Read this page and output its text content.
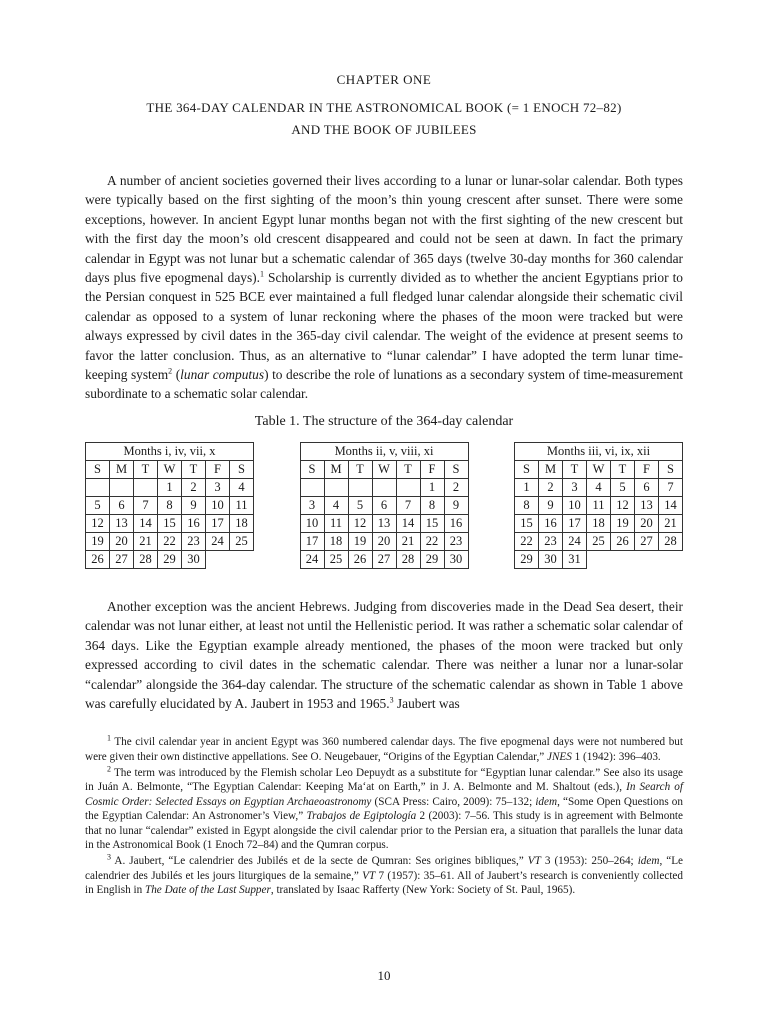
CHAPTER ONE

THE 364-DAY CALENDAR IN THE ASTRONOMICAL BOOK (= 1 ENOCH 72–82)
AND THE BOOK OF JUBILEES

A number of ancient societies governed their lives according to a lunar or lunar-solar calendar. Both types were typically based on the first sighting of the moon’s thin young crescent after sunset. There were some exceptions, however. In ancient Egypt lunar months began not with the first sighting of the new crescent but with the first day the moon’s old crescent disappeared and could not be seen at dawn. In fact the primary calendar in Egypt was not lunar but a schematic calendar of 365 days (twelve 30-day months for 360 calendar days plus five epogmenal days).$^1$ Scholarship is currently divided as to whether the ancient Egyptians prior to the Persian conquest in 525 BCE ever maintained a full fledged lunar calendar alongside their schematic civil calendar as opposed to a system of lunar reckoning where the phases of the moon were tracked but were always expressed by civil dates in the 365-day civil calendar. The weight of the evidence at present seems to favor the latter conclusion. Thus, as an alternative to “lunar calendar” I have adopted the term lunar time-keeping system$^2$ (lunar computus) to describe the role of lunations as a secondary system of time-measurement subordinate to a schematic solar calendar.

Table 1. The structure of the 364-day calendar

Months i, iv, vii, x						
S	M	T	W	T	F	S
			1	2	3	4
5	6	7	8	9	10	11
12	13	14	15	16	17	18
19	20	21	22	23	24	25
26	27	28	29	30		
Months ii, v, viii, xi						
S	M	T	W	T	F	S
					1	2
3	4	5	6	7	8	9
10	11	12	13	14	15	16
17	18	19	20	21	22	23
24	25	26	27	28	29	30
Months iii, vi, ix, xii						
S	M	T	W	T	F	S
1	2	3	4	5	6	7
8	9	10	11	12	13	14
15	16	17	18	19	20	21
22	23	24	25	26	27	28
29	30	31				

Another exception was the ancient Hebrews. Judging from discoveries made in the Dead Sea desert, their calendar was not lunar either, at least not until the Hellenistic period. It was rather a schematic solar calendar of 364 days. Like the Egyptian example already mentioned, the phases of the moon were tracked but only expressed according to civil dates in the schematic calendar. There was neither a lunar nor a lunar-solar “calendar” alongside the 364-day calendar. The structure of the schematic calendar as shown in Table 1 above was carefully elucidated by A. Jaubert in 1953 and 1965.$^3$ Jaubert was

$^1$ The civil calendar year in ancient Egypt was 360 numbered calendar days. The five epogmenal days were not numbered but were given their own distinctive appellations. See O. Neugebauer, “Origins of the Egyptian Calendar,” JNES 1 (1942): 396–403.

$^2$ The term was introduced by the Flemish scholar Leo Depuydt as a substitute for “Egyptian lunar calendar.” See also its usage in Juán A. Belmonte, “The Egyptian Calendar: Keeping Ma‘at on Earth,” in J. A. Belmonte and M. Shaltout (eds.), In Search of Cosmic Order: Selected Essays on Egyptian Archaeoastronomy (SCA Press: Cairo, 2009): 75–132; idem, “Some Open Questions on the Egyptian Calendar: An Astronomer’s View,” Trabajos de Egiptología 2 (2003): 7–56. This study is in agreement with Belmonte that no lunar “calendar” existed in Egypt alongside the civil calendar prior to the Persian era, a situation that parallels the lunar data in the Astronomical Book (1 Enoch 72–84) and the Qumran corpus.

$^3$ A. Jaubert, “Le calendrier des Jubilés et de la secte de Qumran: Ses origines bibliques,” VT 3 (1953): 250–264; idem, “Le calendrier des Jubilés et les jours liturgiques de la semaine,” VT 7 (1957): 35–61. All of Jaubert’s research is conveniently collected in English in The Date of the Last Supper, translated by Isaac Rafferty (New York: Society of St. Paul, 1965).

10
